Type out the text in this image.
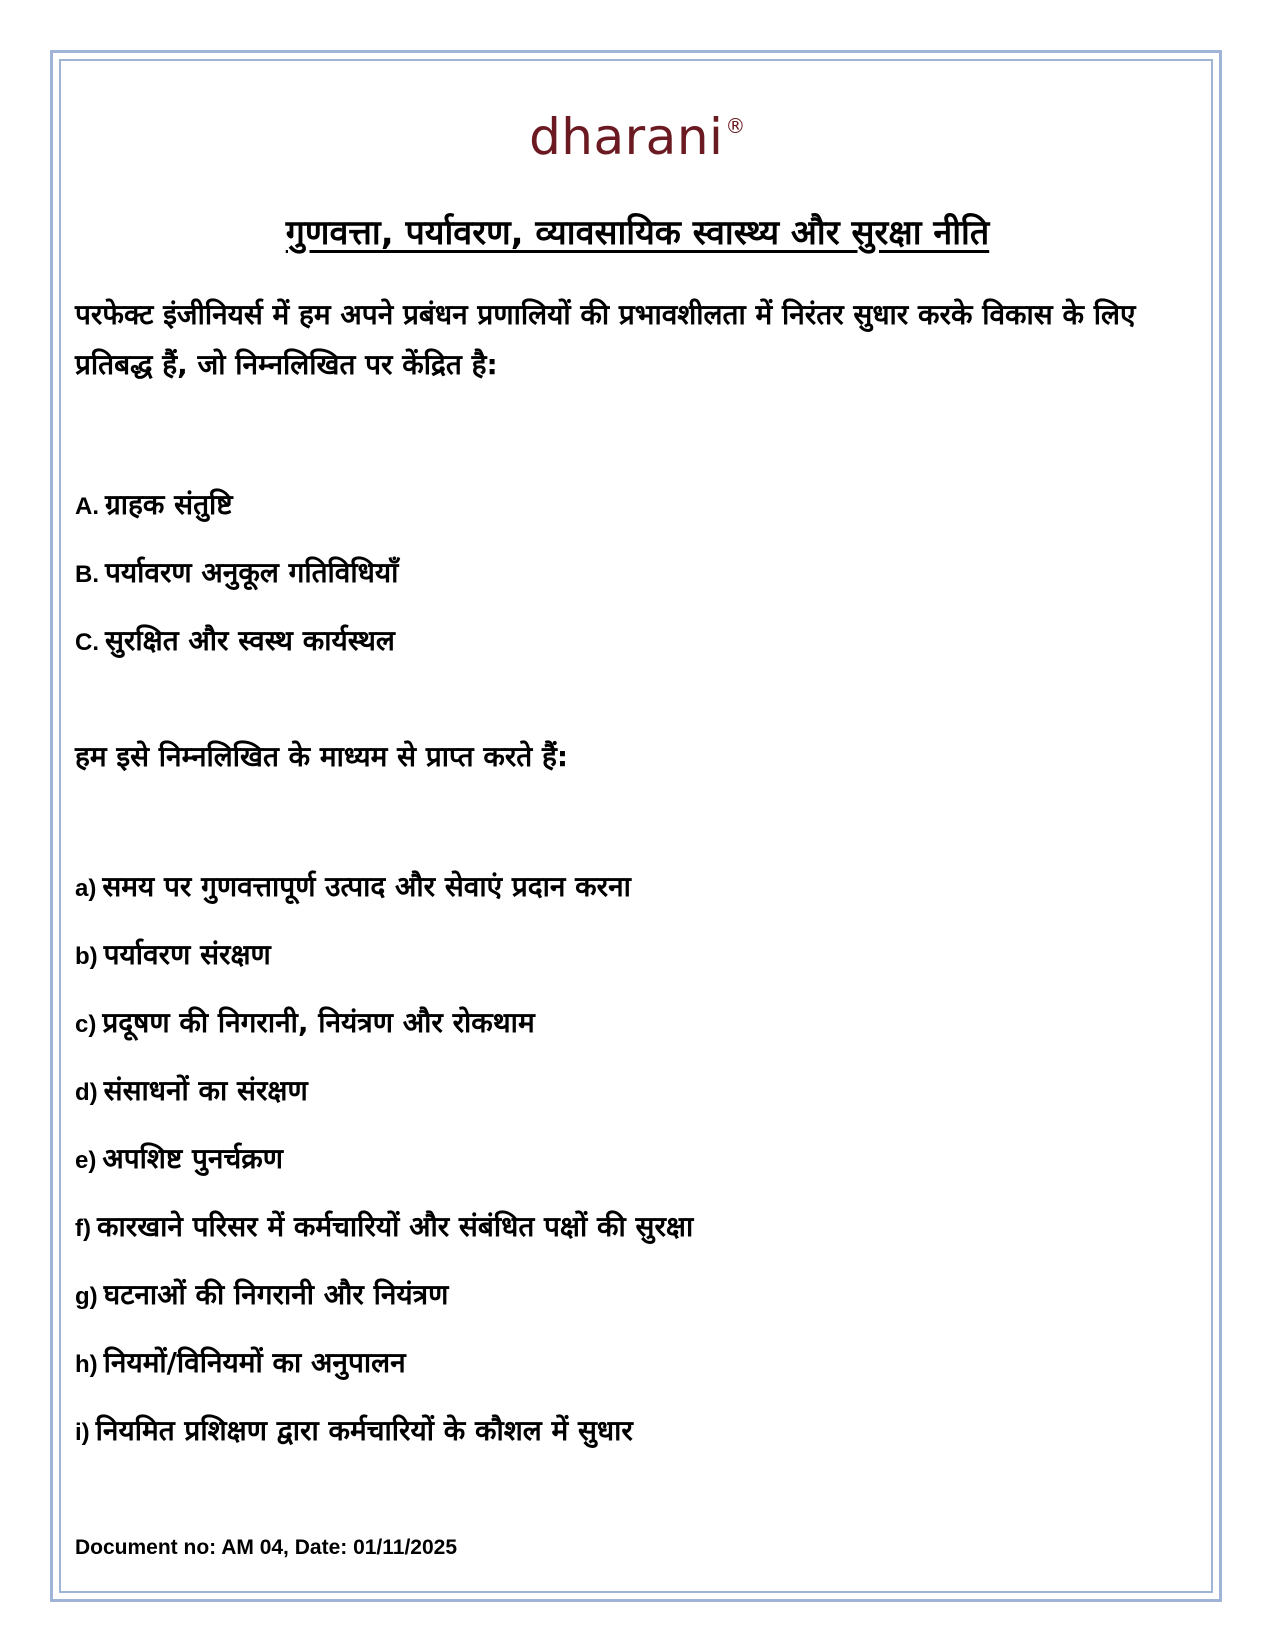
dharani ®
गुणवत्ता, पर्यावरण, व्यावसायिक स्वास्थ्य और सुरक्षा नीति

परफेक्ट इंजीनियर्स में हम अपने प्रबंधन प्रणालियों की प्रभावशीलता में निरंतर सुधार करके विकास के लिए प्रतिबद्ध हैं, जो निम्नलिखित पर केंद्रित है:

A. ग्राहक संतुष्टि
B. पर्यावरण अनुकूल गतिविधियाँ
C. सुरक्षित और स्वस्थ कार्यस्थल

हम इसे निम्नलिखित के माध्यम से प्राप्त करते हैं:

a) समय पर गुणवत्तापूर्ण उत्पाद और सेवाएं प्रदान करना
b) पर्यावरण संरक्षण
c) प्रदूषण की निगरानी, नियंत्रण और रोकथाम
d) संसाधनों का संरक्षण
e) अपशिष्ट पुनर्चक्रण
f) कारखाने परिसर में कर्मचारियों और संबंधित पक्षों की सुरक्षा
g) घटनाओं की निगरानी और नियंत्रण
h) नियमों/विनियमों का अनुपालन
i) नियमित प्रशिक्षण द्वारा कर्मचारियों के कौशल में सुधार
Document no: AM 04, Date: 01/11/2025
